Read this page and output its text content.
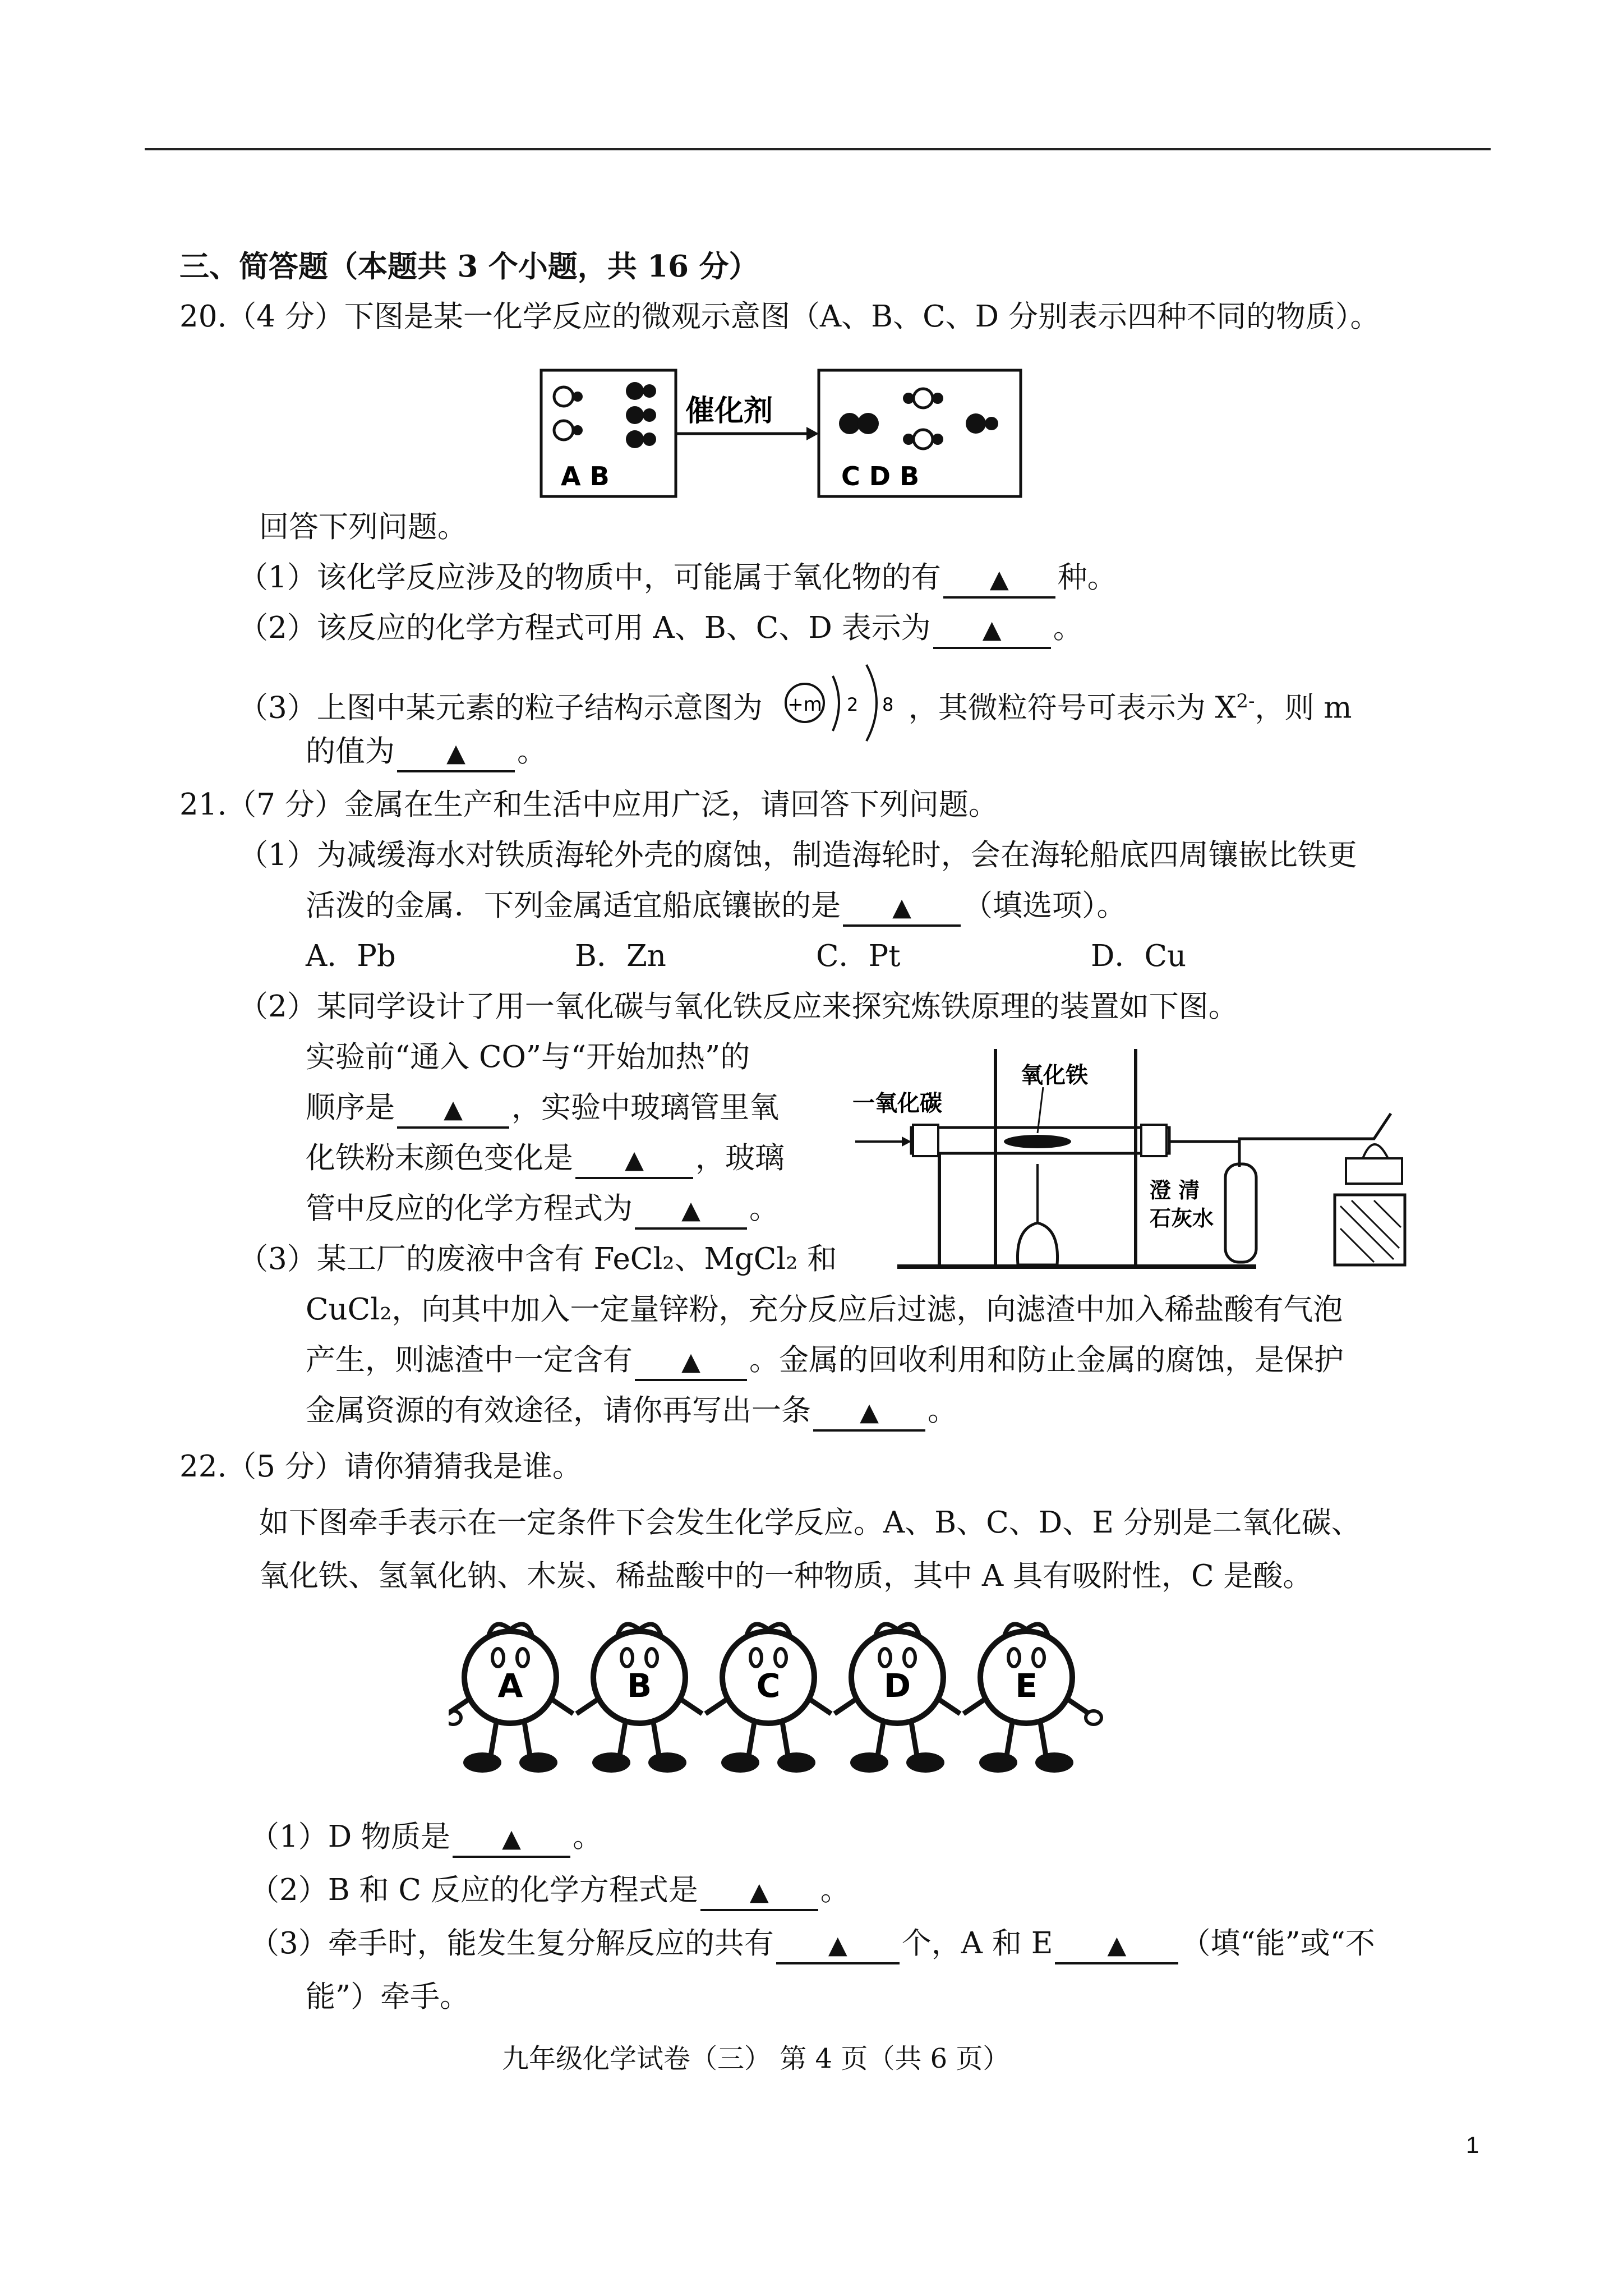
三、简答题（本题共 3 个小题，共 16 分）
20.（4 分）下图是某一化学反应的微观示意图（A、B、C、D 分别表示四种不同的物质）。
A B
催化剂
C D B
回答下列问题。
（1）该化学反应涉及的物质中，可能属于氧化物的有 ▲ 种。
（2）该反应的化学方程式可用 A、B、C、D 表示为 ▲ 。
（3）上图中某元素的粒子结构示意图为	，其微粒符号可表示为 $X^{2-}$，则 m
+m 2 8
的值为 ▲ 。
21.（7 分）金属在生产和生活中应用广泛，请回答下列问题。
（1）为减缓海水对铁质海轮外壳的腐蚀，制造海轮时，会在海轮船底四周镶嵌比铁更
活泼的金属．下列金属适宜船底镶嵌的是 ▲ （填选项）。
A．Pb	B．Zn	C．Pt	D．Cu
（2）某同学设计了用一氧化碳与氧化铁反应来探究炼铁原理的装置如下图。
实验前“通入 CO”与“开始加热”的
顺序是 ▲ ，实验中玻璃管里氧
化铁粉末颜色变化是 ▲ ，玻璃
管中反应的化学方程式为 ▲ 。
一氧化碳
氧化铁
澄 清
石灰水
（3）某工厂的废液中含有 FeCl₂、MgCl₂ 和
CuCl₂，向其中加入一定量锌粉，充分反应后过滤，向滤渣中加入稀盐酸有气泡
产生，则滤渣中一定含有 ▲ 。金属的回收利用和防止金属的腐蚀，是保护
金属资源的有效途径，请你再写出一条 ▲ 。
22.（5 分）请你猜猜我是谁。
如下图牵手表示在一定条件下会发生化学反应。A、B、C、D、E 分别是二氧化碳、
氧化铁、氢氧化钠、木炭、稀盐酸中的一种物质，其中 A 具有吸附性，C 是酸。
A	B	C	D	E
（1）D 物质是 ▲ 。
（2）B 和 C 反应的化学方程式是 ▲ 。
（3）牵手时，能发生复分解反应的共有 ▲ 个，A 和 E ▲ （填“能”或“不
能”）牵手。
九年级化学试卷（三） 第 4 页（共 6 页）
1
